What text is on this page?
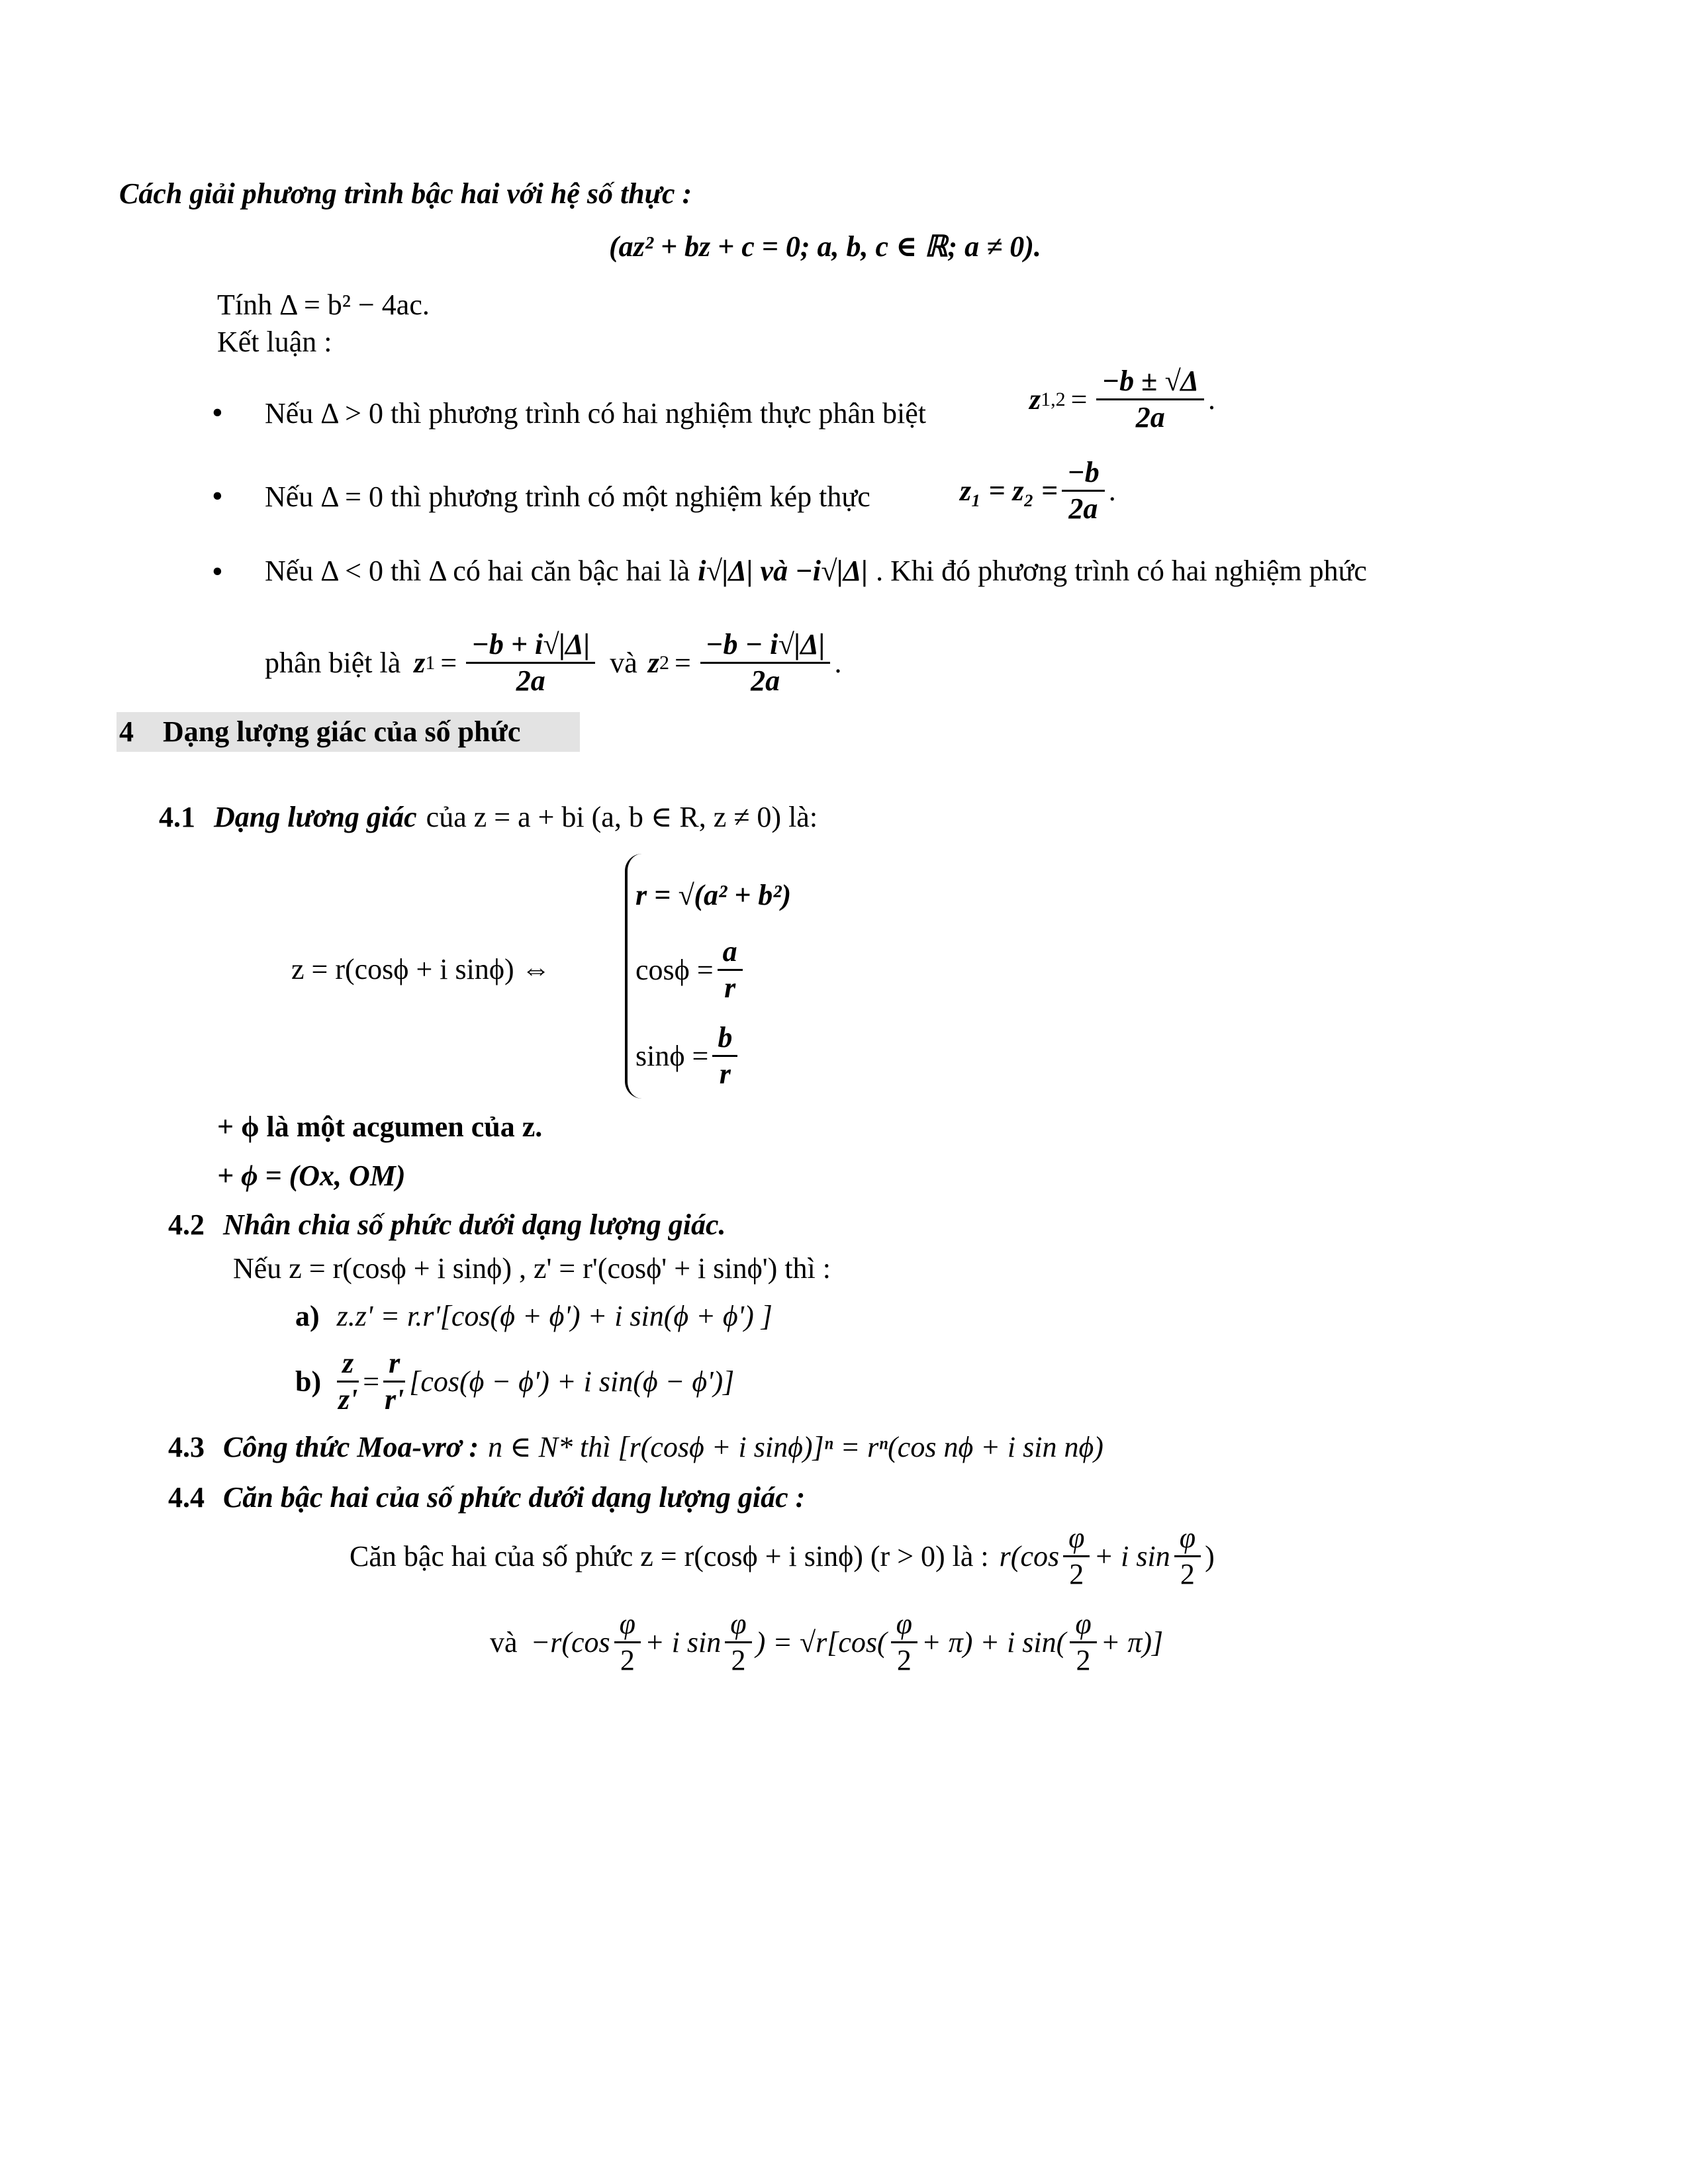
Cách giải phương trình bậc hai với hệ số thực :
(az² + bz + c = 0; a, b, c ∈ ℝ; a ≠ 0).
Tính Δ = b² − 4ac.
Kết luận :
• Nếu Δ > 0 thì phương trình có hai nghiệm thực phân biệt	z $1,2 = \frac{-b \pm √\Delta}{2a}$ .
• Nếu Δ = 0 thì phương trình có một nghiệm kép thực	$z_1 = z_2 = \frac{-b}{2a}$ .
• Nếu Δ < 0 thì Δ có hai căn bậc hai là i√|Δ| và −i√|Δ| . Khi đó phương trình có hai nghiệm phức
phân biệt là z $1 = \frac{-b + i√|\Delta|}{2a}$ và z $2 = \frac{-b - i√|\Delta|}{2a}$ .
4 Dạng lượng giác của số phức
4.1 Dạng lương giác của z = a + bi (a, b ∈ R, z ≠ 0) là:
z = r(cosϕ + i sinϕ) ⇔
r = √(a² + b²)
$\cos\phi = \frac{a}{r}$
$\sin\phi = \frac{b}{r}$
+ ϕ là một acgumen của z.
+ ϕ = (Ox, OM)
4.2 Nhân chia số phức dưới dạng lượng giác.
Nếu z = r(cosϕ + i sinϕ) , z' = r'(cosϕ' + i sinϕ') thì :
a) z.z' = r.r'[cos(ϕ + ϕ') + i sin(ϕ + ϕ') ]
$b) \frac{z}{z'} = \frac{r}{r'} [\cos(\phi - \phi') + i$ sin(ϕ − ϕ')]
4.3 Công thức Moa-vrơ : n ∈ N* thì [r(cosϕ + i sinϕ)]ⁿ = rⁿ(cos nϕ + i sin nϕ)
4.4 Căn bậc hai của số phức dưới dạng lượng giác :
Căn bậc hai của số phức z = r(cosϕ + i sinϕ) (r > 0) là : $r(\cos \frac{\varphi}{2} + i$ $\sin \frac{\varphi}{2}$ )
và $-r(\cos \frac{\varphi}{2} + i$ $\sin \frac{\varphi}{2}$ ) = $√r[\cos( \frac{\varphi}{2} + \pi) + i$ $\sin( \frac{\varphi}{2} + \pi)$]
